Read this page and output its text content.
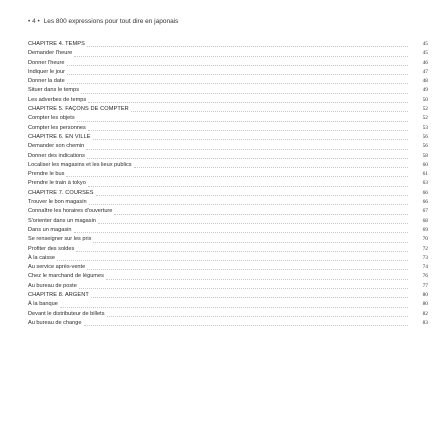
• 4 • Les 800 expressions pour tout dire en japonais
CHAPITRE 4. TEMPS	45
Demander l'heure	45
Donner l'heure	46
Indiquer le jour	47
Donner la date	48
Situer dans le temps	49
Les adverbes de temps	50
CHAPITRE 5. FAÇONS DE COMPTER	52
Compter les objets	52
Compter les personnes	53
CHAPITRE 6. EN VILLE	56
Demander son chemin	56
Donner des indications	58
Localiser les magasins et les lieux publics	60
Prendre le bus	61
Prendre le train à tokyo	63
CHAPITRE 7. COURSES	66
Trouver le bon magasin	66
Connaître les horaires d'ouverture	67
S'orienter dans un magasin	68
Dans un magasin	69
Se renseigner sur les prix	70
Profiter des soldes	72
À la caisse	73
Au service après-vente	74
Chez le marchand de légumes	76
Au bureau de poste	77
CHAPITRE 8. ARGENT	80
À la banque	80
Devant le distributeur de billets	82
Au bureau de change	83
